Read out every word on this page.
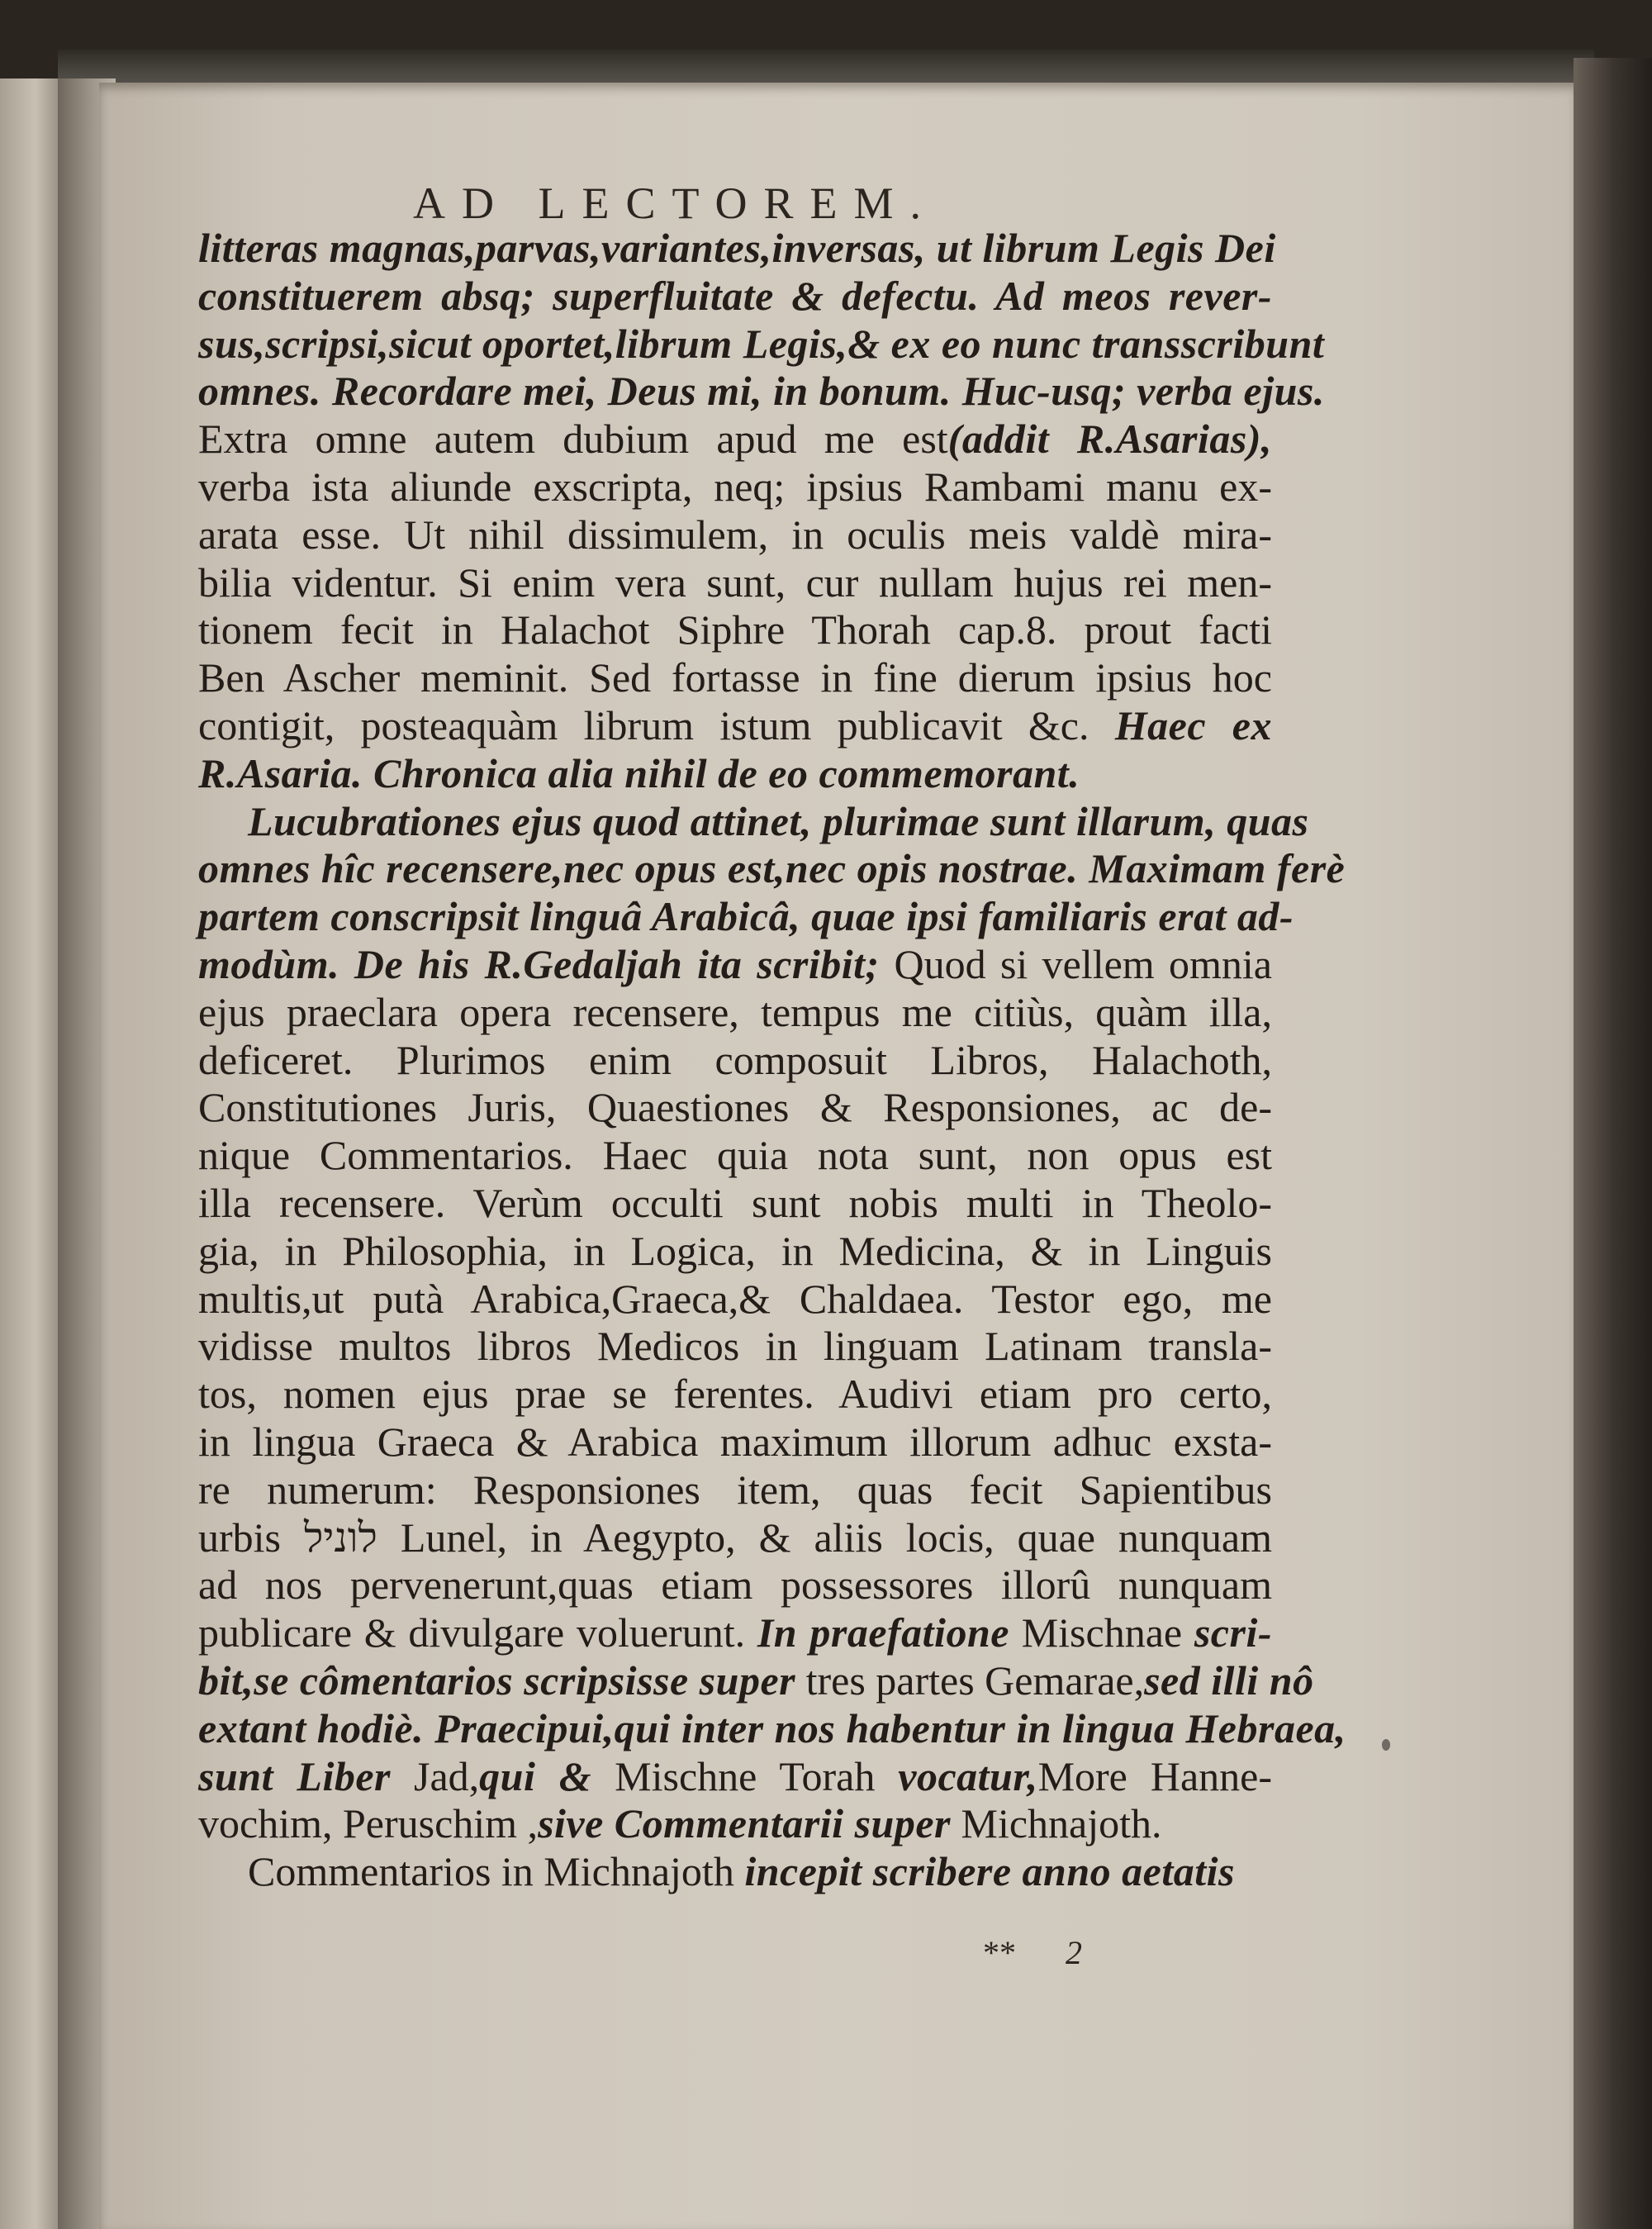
AD LECTOREM.
litteras magnas,parvas,variantes,inversas, ut librum Legis Dei
constituerem absq; superfluitate & defectu. Ad meos rever-
sus,scripsi,sicut oportet,librum Legis,& ex eo nunc transscribunt
omnes. Recordare mei, Deus mi, in bonum. Huc-usq; verba ejus.
Extra omne autem dubium apud me est(addit R.Asarias),
verba ista aliunde exscripta, neq; ipsius Rambami manu ex-
arata esse. Ut nihil dissimulem, in oculis meis valdè mira-
bilia videntur. Si enim vera sunt, cur nullam hujus rei men-
tionem fecit in Halachot Siphre Thorah cap.8. prout facti
Ben Ascher meminit. Sed fortasse in fine dierum ipsius hoc
contigit, posteaquàm librum istum publicavit &c. Haec ex
R.Asaria. Chronica alia nihil de eo commemorant.
Lucubrationes ejus quod attinet, plurimae sunt illarum, quas
omnes hîc recensere,nec opus est,nec opis nostrae. Maximam ferè
partem conscripsit linguâ Arabicâ, quae ipsi familiaris erat ad-
modùm. De his R.Gedaljah ita scribit; Quod si vellem omnia
ejus praeclara opera recensere, tempus me citiùs, quàm illa,
deficeret. Plurimos enim composuit Libros, Halachoth,
Constitutiones Juris, Quaestiones & Responsiones, ac de-
nique Commentarios. Haec quia nota sunt, non opus est
illa recensere. Verùm occulti sunt nobis multi in Theolo-
gia, in Philosophia, in Logica, in Medicina, & in Linguis
multis,ut putà Arabica,Graeca,& Chaldaea. Testor ego, me
vidisse multos libros Medicos in linguam Latinam transla-
tos, nomen ejus prae se ferentes. Audivi etiam pro certo,
in lingua Graeca & Arabica maximum illorum adhuc exsta-
re numerum: Responsiones item, quas fecit Sapientibus
urbis לוניל Lunel, in Aegypto, & aliis locis, quae nunquam
ad nos pervenerunt,quas etiam possessores illorû nunquam
publicare & divulgare voluerunt. In praefatione Mischnae scri-
bit,se cômentarios scripsisse super tres partes Gemarae,sed illi nô
extant hodiè. Praecipui,qui inter nos habentur in lingua Hebraea,
sunt Liber Jad,qui & Mischne Torah vocatur,More Hanne-
vochim, Peruschim ,sive Commentarii super Michnajoth.
Commentarios in Michnajoth incepit scribere anno aetatis
** 2
